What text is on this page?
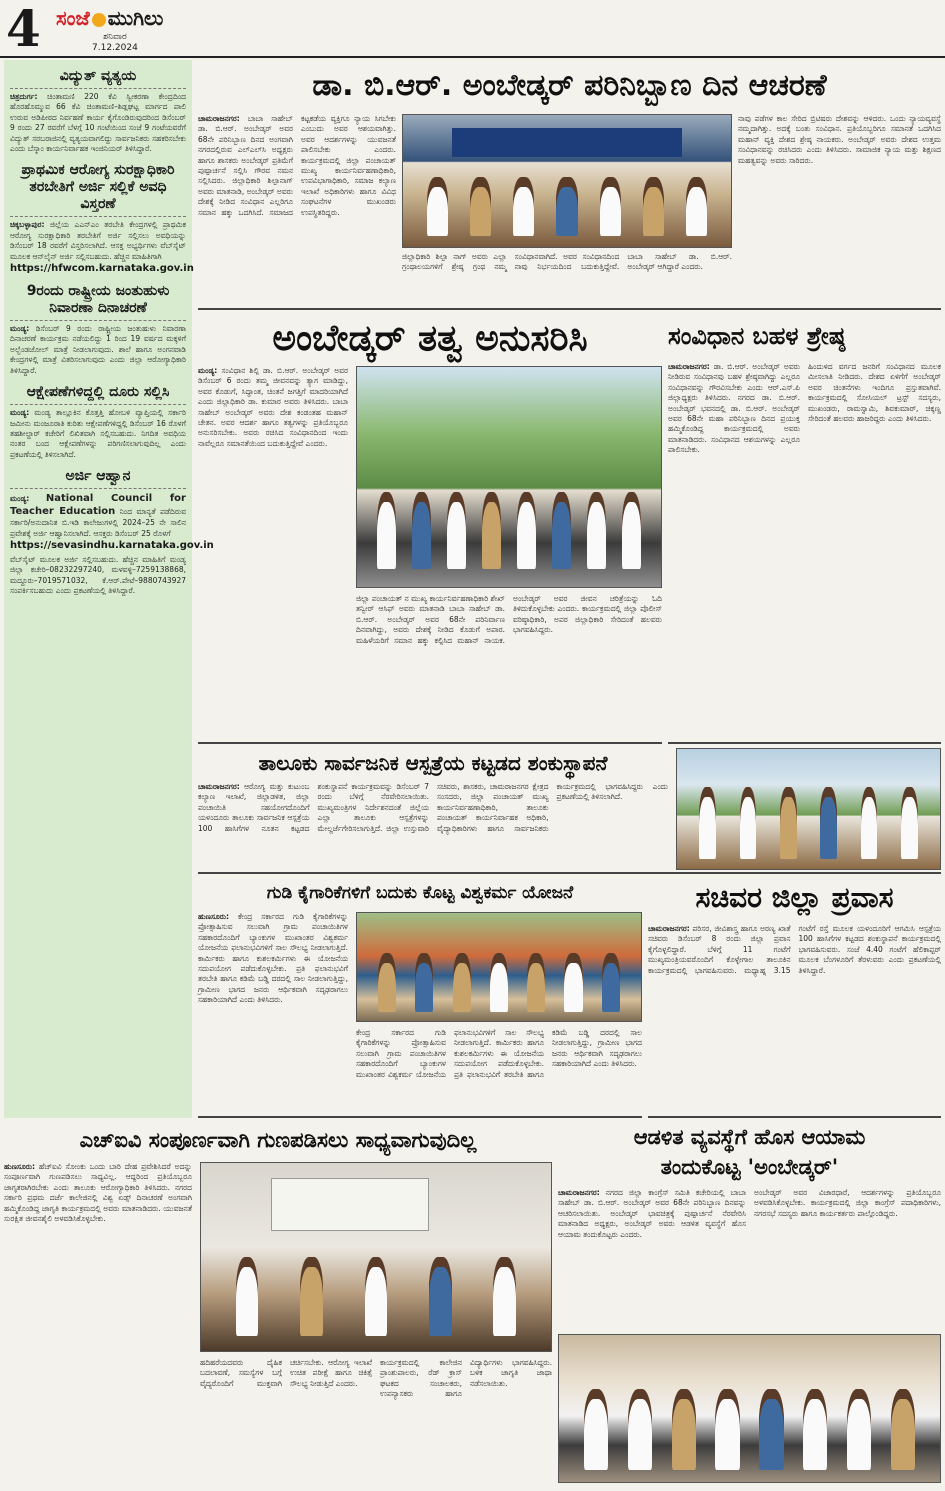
4 ಸಂಜೆ ಮುಗಿಲು
ಶನಿವಾರ
7.12.2024
ವಿದ್ಯುತ್ ವ್ಯತ್ಯಯ

ಚಿತ್ರದುರ್ಗ: ಚಿಂತಾಮಣಿ 220 ಕೆವಿ ಸ್ವೀಕರಣಾ ಕೇಂದ್ರದಿಂದ ಹೊರಹೊಮ್ಮುವ 66 ಕೆವಿ ಚಿಂತಾಮಣಿ–ಶಿಡ್ಲಘಟ್ಟ ಮಾರ್ಗದ ಪಾಲಿ ಉರುವ ಅಡಿಪೀಠದ ನಿರ್ವಹಣೆ ಕಾರ್ಯ ಕೈಗೊಂಡಿರುವುದರಿಂದ ಡಿಸೆಂಬರ್ 9 ರಂದು 27 ರವರೆಗೆ ಬೆಳಗ್ಗೆ 10 ಗಂಟೆಯಿಂದ ಸಂಜೆ 9 ಗಂಟೆಯವರೆಗೆ ವಿದ್ಯುತ್ ಸರಬರಾಜಿನಲ್ಲಿ ವ್ಯತ್ಯಯವಾಗಲಿದ್ದು ಸಾರ್ವಜನಿಕರು ಸಹಕರಿಸಬೇಕು ಎಂದು ಬೆಸ್ಕಾಂ ಕಾರ್ಯನಿರ್ವಾಹಕ ಇಂಜಿನಿಯರ್ ತಿಳಿಸಿದ್ದಾರೆ.

ಪ್ರಾಥಮಿಕ ಆರೋಗ್ಯ ಸುರಕ್ಷಾಧಿಕಾರಿ ತರಬೇತಿಗೆ ಅರ್ಜಿ ಸಲ್ಲಿಕೆ ಅವಧಿ ವಿಸ್ತರಣೆ

ಚಿಕ್ಕಬಳ್ಳಾಪುರ: ಜಿಲ್ಲೆಯ ಎಎನ್‌ಎಂ ತರಬೇತಿ ಕೇಂದ್ರಗಳಲ್ಲಿ ಪ್ರಾಥಮಿಕ ಆರೋಗ್ಯ ಸುರಕ್ಷಾಧಿಕಾರಿ ತರಬೇತಿಗೆ ಅರ್ಜಿ ಸಲ್ಲಿಸಲು ಅವಧಿಯನ್ನು ಡಿಸೆಂಬರ್ 18 ರವರೆಗೆ ವಿಸ್ತರಿಸಲಾಗಿದೆ. ಆಸಕ್ತ ಅಭ್ಯರ್ಥಿಗಳು ವೆಬ್‌ಸೈಟ್ ಮೂಲಕ ಆನ್‌ಲೈನ್ ಅರ್ಜಿ ಸಲ್ಲಿಸಬಹುದು. ಹೆಚ್ಚಿನ ಮಾಹಿತಿಗಾಗಿ

https://hfwcom.karnataka.gov.in
9ರಂದು ರಾಷ್ಟ್ರೀಯ ಜಂತುಹುಳು ನಿವಾರಣಾ ದಿನಾಚರಣೆ

ಮಂಡ್ಯ: ಡಿಸೆಂಬರ್ 9 ರಂದು ರಾಷ್ಟ್ರೀಯ ಜಂತುಹುಳು ನಿವಾರಣಾ ದಿನಾಚರಣೆ ಕಾರ್ಯಕ್ರಮ ನಡೆಯಲಿದ್ದು 1 ರಿಂದ 19 ವರ್ಷದ ಮಕ್ಕಳಿಗೆ ಅಲ್ಬೆಂಡಜೋಲ್ ಮಾತ್ರೆ ನೀಡಲಾಗುವುದು. ಶಾಲೆ ಹಾಗೂ ಅಂಗನವಾಡಿ ಕೇಂದ್ರಗಳಲ್ಲಿ ಮಾತ್ರೆ ವಿತರಿಸಲಾಗುವುದು ಎಂದು ಜಿಲ್ಲಾ ಆರೋಗ್ಯಾಧಿಕಾರಿ ತಿಳಿಸಿದ್ದಾರೆ.

ಆಕ್ಷೇಪಣೆಗಳಿದ್ದಲ್ಲಿ ದೂರು ಸಲ್ಲಿಸಿ

ಮಂಡ್ಯ: ಮಂಡ್ಯ ತಾಲ್ಲೂಕಿನ ಕೊತ್ತತ್ತಿ ಹೋಬಳಿ ವ್ಯಾಪ್ತಿಯಲ್ಲಿ ಸರ್ಕಾರಿ ಜಮೀನು ಮಂಜೂರಾತಿ ಕುರಿತು ಆಕ್ಷೇಪಣೆಗಳಿದ್ದಲ್ಲಿ ಡಿಸೆಂಬರ್ 16 ರೊಳಗೆ ತಹಶೀಲ್ದಾರ್ ಕಚೇರಿಗೆ ಲಿಖಿತವಾಗಿ ಸಲ್ಲಿಸಬಹುದು. ನಿಗದಿತ ಅವಧಿಯ ನಂತರ ಬಂದ ಆಕ್ಷೇಪಣೆಗಳನ್ನು ಪರಿಗಣಿಸಲಾಗುವುದಿಲ್ಲ ಎಂದು ಪ್ರಕಟಣೆಯಲ್ಲಿ ತಿಳಿಸಲಾಗಿದೆ.

ಅರ್ಜಿ ಆಹ್ವಾನ

ಮಂಡ್ಯ: National Council for Teacher Education ನಿಂದ ಮಾನ್ಯತೆ ಪಡೆದಿರುವ ಸರ್ಕಾರಿ/ಅನುದಾನಿತ ಬಿ.ಇಡಿ ಕಾಲೇಜುಗಳಲ್ಲಿ 2024–25 ನೇ ಸಾಲಿನ ಪ್ರವೇಶಕ್ಕೆ ಅರ್ಜಿ ಆಹ್ವಾನಿಸಲಾಗಿದೆ. ಆಸಕ್ತರು ಡಿಸೆಂಬರ್ 25 ರೊಳಗೆ

https://sevasindhu.karnataka.gov.in

ವೆಬ್‌ಸೈಟ್ ಮೂಲಕ ಅರ್ಜಿ ಸಲ್ಲಿಸಬಹುದು. ಹೆಚ್ಚಿನ ಮಾಹಿತಿಗೆ ಮಂಡ್ಯ ಜಿಲ್ಲಾ ಕಚೇರಿ–08232297240, ಮಳವಳ್ಳಿ–7259138868, ಮದ್ದೂರು–7019571032, ಕೆ.ಆರ್.ಪೇಟೆ–9880743927 ಸಂಪರ್ಕಿಸಬಹುದು ಎಂದು ಪ್ರಕಟಣೆಯಲ್ಲಿ ತಿಳಿಸಿದ್ದಾರೆ.

ಡಾ. ಬಿ.ಆರ್. ಅಂಬೇಡ್ಕರ್ ಪರಿನಿಬ್ಬಾಣ ದಿನ ಆಚರಣೆ
ಚಾಮರಾಜನಗರ: ಬಾಬಾ ಸಾಹೇಬ್ ಡಾ. ಬಿ.ಆರ್. ಅಂಬೇಡ್ಕರ್ ಅವರ 68ನೇ ಪರಿನಿಬ್ಬಾಣ ದಿನದ ಅಂಗವಾಗಿ ನಗರದಲ್ಲಿರುವ ಎಲ್‌ಎಲ್‌ಸಿ ಅಧ್ಯಕ್ಷರು ಹಾಗೂ ಶಾಸಕರು ಅಂಬೇಡ್ಕರ್ ಪ್ರತಿಮೆಗೆ ಪುಷ್ಪಾರ್ಚನೆ ಸಲ್ಲಿಸಿ ಗೌರವ ನಮನ ಸಲ್ಲಿಸಿದರು. ಜಿಲ್ಲಾಧಿಕಾರಿ ಶಿಲ್ಪಾನಾಗ್ ಅವರು ಮಾತನಾಡಿ, ಅಂಬೇಡ್ಕರ್ ಅವರು ದೇಶಕ್ಕೆ ನೀಡಿದ ಸಂವಿಧಾನ ಎಲ್ಲರಿಗೂ ಸಮಾನ ಹಕ್ಕು ಒದಗಿಸಿದೆ. ಸಮಾಜದ ಕಟ್ಟಕಡೆಯ ವ್ಯಕ್ತಿಗೂ ನ್ಯಾಯ ಸಿಗಬೇಕು ಎಂಬುದು ಅವರ ಆಶಯವಾಗಿತ್ತು. ಅವರ ಆದರ್ಶಗಳನ್ನು ಯುವಜನತೆ ಪಾಲಿಸಬೇಕು ಎಂದರು. ಕಾರ್ಯಕ್ರಮದಲ್ಲಿ ಜಿಲ್ಲಾ ಪಂಚಾಯತ್ ಮುಖ್ಯ ಕಾರ್ಯನಿರ್ವಹಣಾಧಿಕಾರಿ, ಉಪವಿಭಾಗಾಧಿಕಾರಿ, ಸಮಾಜ ಕಲ್ಯಾಣ ಇಲಾಖೆ ಅಧಿಕಾರಿಗಳು ಹಾಗೂ ವಿವಿಧ ಸಂಘಟನೆಗಳ ಮುಖಂಡರು ಉಪಸ್ಥಿತರಿದ್ದರು.
ಜಿಲ್ಲಾಧಿಕಾರಿ ಶಿಲ್ಪಾ ನಾಗ್ ಅವರು ಎಲ್ಲಾ ಗ್ರಂಥಾಲಯಗಳಿಗೆ ಶ್ರೇಷ್ಠ ಗ್ರಂಥ ನಮ್ಮ ಸಂವಿಧಾನವಾಗಿದೆ. ಅವರ ಸಂವಿಧಾನದಿಂದ ನಾವು ನಿರ್ಭಯದಿಂದ ಬದುಕುತ್ತಿದ್ದೇವೆ. ಬಾಬಾ ಸಾಹೇಬ್ ಡಾ. ಬಿ.ಆರ್. ಅಂಬೇಡ್ಕರ್ ಆಗಿದ್ದಾರೆ ಎಂದರು.
ನಾವು ಪಡೆಗಳ ಕಾಲ ಸೇರಿದ ಬ್ರಿಟಿಷರು ದೇಶವನ್ನು ಆಳಿದರು. ಒಂದು ನ್ಯಾಯವ್ಯವಸ್ಥೆ ನಮ್ಮದಾಗಿತ್ತು. ಅದಕ್ಕೆ ಬಂತು ಸಂವಿಧಾನ. ಪ್ರತಿಯೊಬ್ಬರಿಗೂ ಸಮಾನತೆ ಒದಗಿಸಿದ ಮಹಾನ್ ವ್ಯಕ್ತಿ ದೇಶದ ಶ್ರೇಷ್ಠ ನಾಯಕರು. ಅಂಬೇಡ್ಕರ್ ಅವರು ದೇಶದ ಉತ್ತಮ ಸಂವಿಧಾನವನ್ನು ರಚಿಸಿದರು ಎಂದು ತಿಳಿಸಿದರು. ಸಾಮಾಜಿಕ ನ್ಯಾಯ ಮತ್ತು ಶಿಕ್ಷಣದ ಮಹತ್ವವನ್ನು ಅವರು ಸಾರಿದರು.
ಅಂಬೇಡ್ಕರ್ ತತ್ವ ಅನುಸರಿಸಿ
ಮಂಡ್ಯ: ಸಂವಿಧಾನ ಶಿಲ್ಪಿ ಡಾ. ಬಿ.ಆರ್. ಅಂಬೇಡ್ಕರ್ ಅವರ ಡಿಸೆಂಬರ್ 6 ರಂದು ತಮ್ಮ ಜೀವನವನ್ನು ತ್ಯಾಗ ಮಾಡಿದ್ದು, ಅವರ ಕೊಡುಗೆ, ಸಿದ್ಧಾಂತ, ಚಿಂತನೆ ಜಗತ್ತಿಗೆ ಮಾದರಿಯಾಗಿದೆ ಎಂದು ಜಿಲ್ಲಾಧಿಕಾರಿ ಡಾ. ಕುಮಾರ ಅವರು ತಿಳಿಸಿದರು. ಬಾಬಾ ಸಾಹೇಬ್ ಅಂಬೇಡ್ಕರ್ ಅವರು ದೇಶ ಕಂಡಂತಹ ಮಹಾನ್ ಚೇತನ. ಅವರ ಆದರ್ಶ ಹಾಗೂ ತತ್ವಗಳನ್ನು ಪ್ರತಿಯೊಬ್ಬರೂ ಅನುಸರಿಸಬೇಕು. ಅವರು ರಚಿಸಿದ ಸಂವಿಧಾನದಿಂದ ಇಂದು ನಾವೆಲ್ಲರೂ ಸಮಾನತೆಯಿಂದ ಬದುಕುತ್ತಿದ್ದೇವೆ ಎಂದರು.
ಜಿಲ್ಲಾ ಪಂಚಾಯತ್ ನ ಮುಖ್ಯ ಕಾರ್ಯನಿರ್ವಹಣಾಧಿಕಾರಿ ಶೇಖ್ ತನ್ವೀರ್ ಆಸಿಫ್ ಅವರು ಮಾತನಾಡಿ ಬಾಬಾ ಸಾಹೇಬ್ ಡಾ. ಬಿ.ಆರ್. ಅಂಬೇಡ್ಕರ್ ಅವರ 68ನೇ ಪರಿನಿರ್ವಾಣ ದಿನವಾಗಿದ್ದು, ಅವರು ದೇಶಕ್ಕೆ ನೀಡಿದ ಕೊಡುಗೆ ಅಪಾರ. ಮಹಿಳೆಯರಿಗೆ ಸಮಾನ ಹಕ್ಕು ಕಲ್ಪಿಸಿದ ಮಹಾನ್ ನಾಯಕ. ಅಂಬೇಡ್ಕರ್ ಅವರ ಜೀವನ ಚರಿತ್ರೆಯನ್ನು ಓದಿ ತಿಳಿದುಕೊಳ್ಳಬೇಕು ಎಂದರು. ಕಾರ್ಯಕ್ರಮದಲ್ಲಿ ಜಿಲ್ಲಾ ಪೊಲೀಸ್ ವರಿಷ್ಠಾಧಿಕಾರಿ, ಅಪರ ಜಿಲ್ಲಾಧಿಕಾರಿ ಸೇರಿದಂತೆ ಹಲವರು ಭಾಗವಹಿಸಿದ್ದರು.
ಸಂವಿಧಾನ ಬಹಳ ಶ್ರೇಷ್ಠ
ಚಾಮರಾಜನಗರ: ಡಾ. ಬಿ.ಆರ್. ಅಂಬೇಡ್ಕರ್ ಅವರು ನೀಡಿರುವ ಸಂವಿಧಾನವು ಬಹಳ ಶ್ರೇಷ್ಠವಾಗಿದ್ದು ಎಲ್ಲರೂ ಸಂವಿಧಾನವನ್ನು ಗೌರವಿಸಬೇಕು ಎಂದು ಆರ್.ಎಸ್.ಪಿ ಜಿಲ್ಲಾಧ್ಯಕ್ಷರು ತಿಳಿಸಿದರು. ನಗರದ ಡಾ. ಬಿ.ಆರ್. ಅಂಬೇಡ್ಕರ್ ಭವನದಲ್ಲಿ ಡಾ. ಬಿ.ಆರ್. ಅಂಬೇಡ್ಕರ್ ಅವರ 68ನೇ ಮಹಾ ಪರಿನಿಬ್ಬಾಣ ದಿನದ ಪ್ರಯುಕ್ತ ಹಮ್ಮಿಕೊಂಡಿದ್ದ ಕಾರ್ಯಕ್ರಮದಲ್ಲಿ ಅವರು ಮಾತನಾಡಿದರು. ಸಂವಿಧಾನದ ಆಶಯಗಳನ್ನು ಎಲ್ಲರೂ ಪಾಲಿಸಬೇಕು.
ಹಿಂದುಳಿದ ವರ್ಗದ ಜನರಿಗೆ ಸಂವಿಧಾನದ ಮೂಲಕ ಮೀಸಲಾತಿ ನೀಡಿದರು. ದೇಶದ ಏಳಿಗೆಗೆ ಅಂಬೇಡ್ಕರ್ ಅವರ ಚಿಂತನೆಗಳು ಇಂದಿಗೂ ಪ್ರಸ್ತುತವಾಗಿವೆ. ಕಾರ್ಯಕ್ರಮದಲ್ಲಿ ಸೋಸಿಯಲ್ ಟ್ರಸ್ಟ್ ಸದಸ್ಯರು, ಮುಖಂಡರು, ರಾಮಸ್ವಾಮಿ, ಶಿವಕುಮಾರ್, ಚಿಕ್ಕಣ್ಣ ಸೇರಿದಂತೆ ಹಲವರು ಹಾಜರಿದ್ದರು ಎಂದು ತಿಳಿಸಿದರು.
ತಾಲೂಕು ಸಾರ್ವಜನಿಕ ಆಸ್ಪತ್ರೆಯ ಕಟ್ಟಡದ ಶಂಕುಸ್ಥಾಪನೆ
ಚಾಮರಾಜನಗರ: ಆರೋಗ್ಯ ಮತ್ತು ಕುಟುಂಬ ಕಲ್ಯಾಣ ಇಲಾಖೆ, ಜಿಲ್ಲಾಡಳಿತ, ಜಿಲ್ಲಾ ಪಂಚಾಯಿತಿ ಸಹಯೋಗದೊಂದಿಗೆ ಯಳಂದೂರು ತಾಲೂಕು ಸಾರ್ವಜನಿಕ ಆಸ್ಪತ್ರೆಯ 100 ಹಾಸಿಗೆಗಳ ನೂತನ ಕಟ್ಟಡದ ಶಂಕುಸ್ಥಾಪನೆ ಕಾರ್ಯಕ್ರಮವನ್ನು ಡಿಸೆಂಬರ್ 7 ರಂದು ಬೆಳಿಗ್ಗೆ ನೆರವೇರಿಸಲಾಯಿತು. ಮುಖ್ಯಮಂತ್ರಿಗಳ ನಿರ್ದೇಶನದಂತೆ ಜಿಲ್ಲೆಯ ಎಲ್ಲಾ ತಾಲೂಕು ಆಸ್ಪತ್ರೆಗಳನ್ನು ಮೇಲ್ದರ್ಜೆಗೇರಿಸಲಾಗುತ್ತಿದೆ. ಜಿಲ್ಲಾ ಉಸ್ತುವಾರಿ ಸಚಿವರು, ಶಾಸಕರು, ಚಾಮರಾಜನಗರ ಕ್ಷೇತ್ರದ ಸಂಸದರು, ಜಿಲ್ಲಾ ಪಂಚಾಯತ್ ಮುಖ್ಯ ಕಾರ್ಯನಿರ್ವಹಣಾಧಿಕಾರಿ, ತಾಲೂಕು ಪಂಚಾಯತ್ ಕಾರ್ಯನಿರ್ವಾಹಕ ಅಧಿಕಾರಿ, ವೈದ್ಯಾಧಿಕಾರಿಗಳು ಹಾಗೂ ಸಾರ್ವಜನಿಕರು ಕಾರ್ಯಕ್ರಮದಲ್ಲಿ ಭಾಗವಹಿಸಿದ್ದರು ಎಂದು ಪ್ರಕಟಣೆಯಲ್ಲಿ ತಿಳಿಸಲಾಗಿದೆ.
ಗುಡಿ ಕೈಗಾರಿಕೆಗಳಿಗೆ ಬದುಕು ಕೊಟ್ಟ ವಿಶ್ವಕರ್ಮ ಯೋಜನೆ
ಹುಣಸೂರು: ಕೇಂದ್ರ ಸರ್ಕಾರದ ಗುಡಿ ಕೈಗಾರಿಕೆಗಳನ್ನು ಪ್ರೋತ್ಸಾಹಿಸುವ ಸಲುವಾಗಿ ಗ್ರಾಮ ಪಂಚಾಯಿತಿಗಳ ಸಹಕಾರದೊಂದಿಗೆ ಬ್ಯಾಂಕುಗಳ ಮುಖಾಂತರ ವಿಶ್ವಕರ್ಮ ಯೋಜನೆಯ ಫಲಾನುಭವಿಗಳಿಗೆ ಸಾಲ ಸೌಲಭ್ಯ ನೀಡಲಾಗುತ್ತಿದೆ. ಕಾರ್ಮಿಕರು ಹಾಗೂ ಕುಶಲಕರ್ಮಿಗಳು ಈ ಯೋಜನೆಯ ಸದುಪಯೋಗ ಪಡೆದುಕೊಳ್ಳಬೇಕು. ಪ್ರತಿ ಫಲಾನುಭವಿಗೆ ತರಬೇತಿ ಹಾಗೂ ಕಡಿಮೆ ಬಡ್ಡಿ ದರದಲ್ಲಿ ಸಾಲ ನೀಡಲಾಗುತ್ತಿದ್ದು, ಗ್ರಾಮೀಣ ಭಾಗದ ಜನರು ಆರ್ಥಿಕವಾಗಿ ಸದೃಢರಾಗಲು ಸಹಕಾರಿಯಾಗಿದೆ ಎಂದು ತಿಳಿಸಿದರು.
ಕೇಂದ್ರ ಸರ್ಕಾರದ ಗುಡಿ ಕೈಗಾರಿಕೆಗಳನ್ನು ಪ್ರೋತ್ಸಾಹಿಸುವ ಸಲುವಾಗಿ ಗ್ರಾಮ ಪಂಚಾಯಿತಿಗಳ ಸಹಕಾರದೊಂದಿಗೆ ಬ್ಯಾಂಕುಗಳ ಮುಖಾಂತರ ವಿಶ್ವಕರ್ಮ ಯೋಜನೆಯ ಫಲಾನುಭವಿಗಳಿಗೆ ಸಾಲ ಸೌಲಭ್ಯ ನೀಡಲಾಗುತ್ತಿದೆ. ಕಾರ್ಮಿಕರು ಹಾಗೂ ಕುಶಲಕರ್ಮಿಗಳು ಈ ಯೋಜನೆಯ ಸದುಪಯೋಗ ಪಡೆದುಕೊಳ್ಳಬೇಕು. ಪ್ರತಿ ಫಲಾನುಭವಿಗೆ ತರಬೇತಿ ಹಾಗೂ ಕಡಿಮೆ ಬಡ್ಡಿ ದರದಲ್ಲಿ ಸಾಲ ನೀಡಲಾಗುತ್ತಿದ್ದು, ಗ್ರಾಮೀಣ ಭಾಗದ ಜನರು ಆರ್ಥಿಕವಾಗಿ ಸದೃಢರಾಗಲು ಸಹಕಾರಿಯಾಗಿದೆ ಎಂದು ತಿಳಿಸಿದರು.
ಸಚಿವರ ಜಿಲ್ಲಾ ಪ್ರವಾಸ
ಚಾಮರಾಜನಗರ: ಪರಿಸರ, ಜೀವಿಶಾಸ್ತ್ರ ಹಾಗೂ ಅರಣ್ಯ ಖಾತೆ ಸಚಿವರು ಡಿಸೆಂಬರ್ 8 ರಂದು ಜಿಲ್ಲಾ ಪ್ರವಾಸ ಕೈಗೊಳ್ಳಲಿದ್ದಾರೆ. ಬೆಳಿಗ್ಗೆ 11 ಗಂಟೆಗೆ ಮುಖ್ಯಮಂತ್ರಿಯವರೊಂದಿಗೆ ಕೊಳ್ಳೇಗಾಲ ತಾಲೂಕಿನ ಕಾರ್ಯಕ್ರಮದಲ್ಲಿ ಭಾಗವಹಿಸುವರು. ಮಧ್ಯಾಹ್ನ 3.15 ಗಂಟೆಗೆ ರಸ್ತೆ ಮೂಲಕ ಯಳಂದೂರಿಗೆ ಆಗಮಿಸಿ ಆಸ್ಪತ್ರೆಯ 100 ಹಾಸಿಗೆಗಳ ಕಟ್ಟಡದ ಶಂಕುಸ್ಥಾಪನೆ ಕಾರ್ಯಕ್ರಮದಲ್ಲಿ ಭಾಗವಹಿಸುವರು. ಸಂಜೆ 4.40 ಗಂಟೆಗೆ ಹೆಲಿಕಾಪ್ಟರ್ ಮೂಲಕ ಬೆಂಗಳೂರಿಗೆ ತೆರಳುವರು ಎಂದು ಪ್ರಕಟಣೆಯಲ್ಲಿ ತಿಳಿಸಿದ್ದಾರೆ.
ಎಚ್‌ಐವಿ ಸಂಪೂರ್ಣವಾಗಿ ಗುಣಪಡಿಸಲು ಸಾಧ್ಯವಾಗುವುದಿಲ್ಲ
ಹುಣಸೂರು: ಹೆಚ್‌ಐವಿ ಸೋಂಕು ಒಂದು ಬಾರಿ ದೇಹ ಪ್ರವೇಶಿಸಿದರೆ ಅದನ್ನು ಸಂಪೂರ್ಣವಾಗಿ ಗುಣಪಡಿಸಲು ಸಾಧ್ಯವಿಲ್ಲ. ಆದ್ದರಿಂದ ಪ್ರತಿಯೊಬ್ಬರೂ ಜಾಗೃತರಾಗಿರಬೇಕು ಎಂದು ತಾಲೂಕು ಆರೋಗ್ಯಾಧಿಕಾರಿ ತಿಳಿಸಿದರು. ನಗರದ ಸರ್ಕಾರಿ ಪ್ರಥಮ ದರ್ಜೆ ಕಾಲೇಜಿನಲ್ಲಿ ವಿಶ್ವ ಏಡ್ಸ್ ದಿನಾಚರಣೆ ಅಂಗವಾಗಿ ಹಮ್ಮಿಕೊಂಡಿದ್ದ ಜಾಗೃತಿ ಕಾರ್ಯಕ್ರಮದಲ್ಲಿ ಅವರು ಮಾತನಾಡಿದರು. ಯುವಜನತೆ ಸುರಕ್ಷಿತ ಜೀವನಶೈಲಿ ಅಳವಡಿಸಿಕೊಳ್ಳಬೇಕು.
ಹದಿಹರೆಯದವರು ದೈಹಿಕ ಬದಲಾವಣೆ, ಸಮಸ್ಯೆಗಳ ಬಗ್ಗೆ ವೈದ್ಯರೊಂದಿಗೆ ಮುಕ್ತವಾಗಿ ಚರ್ಚಿಸಬೇಕು. ಆರೋಗ್ಯ ಇಲಾಖೆ ಉಚಿತ ಪರೀಕ್ಷೆ ಹಾಗೂ ಚಿಕಿತ್ಸೆ ಸೌಲಭ್ಯ ನೀಡುತ್ತಿದೆ ಎಂದರು.
ಕಾರ್ಯಕ್ರಮದಲ್ಲಿ ಕಾಲೇಜಿನ ಪ್ರಾಂಶುಪಾಲರು, ರೆಡ್ ಕ್ರಾಸ್ ಘಟಕದ ಸಂಚಾಲಕರು, ಉಪನ್ಯಾಸಕರು ಹಾಗೂ ವಿದ್ಯಾರ್ಥಿಗಳು ಭಾಗವಹಿಸಿದ್ದರು. ಬಳಿಕ ಜಾಗೃತಿ ಜಾಥಾ ನಡೆಸಲಾಯಿತು.
ಆಡಳಿತ ವ್ಯವಸ್ಥೆಗೆ ಹೊಸ ಆಯಾಮ
ತಂದುಕೊಟ್ಟ 'ಅಂಬೇಡ್ಕರ್'
ಚಾಮರಾಜನಗರ: ನಗರದ ಜಿಲ್ಲಾ ಕಾಂಗ್ರೆಸ್ ಸಮಿತಿ ಕಚೇರಿಯಲ್ಲಿ ಬಾಬಾ ಸಾಹೇಬ್ ಡಾ. ಬಿ.ಆರ್. ಅಂಬೇಡ್ಕರ್ ಅವರ 68ನೇ ಪರಿನಿಬ್ಬಾಣ ದಿನವನ್ನು ಆಚರಿಸಲಾಯಿತು. ಅಂಬೇಡ್ಕರ್ ಭಾವಚಿತ್ರಕ್ಕೆ ಪುಷ್ಪಾರ್ಚನೆ ನೆರವೇರಿಸಿ ಮಾತನಾಡಿದ ಅಧ್ಯಕ್ಷರು, ಅಂಬೇಡ್ಕರ್ ಅವರು ಆಡಳಿತ ವ್ಯವಸ್ಥೆಗೆ ಹೊಸ ಆಯಾಮ ತಂದುಕೊಟ್ಟರು ಎಂದರು.
ಅಂಬೇಡ್ಕರ್ ಅವರ ವಿಚಾರಧಾರೆ, ಆದರ್ಶಗಳನ್ನು ಪ್ರತಿಯೊಬ್ಬರೂ ಅಳವಡಿಸಿಕೊಳ್ಳಬೇಕು. ಕಾರ್ಯಕ್ರಮದಲ್ಲಿ ಜಿಲ್ಲಾ ಕಾಂಗ್ರೆಸ್ ಪದಾಧಿಕಾರಿಗಳು, ನಗರಸಭೆ ಸದಸ್ಯರು ಹಾಗೂ ಕಾರ್ಯಕರ್ತರು ಪಾಲ್ಗೊಂಡಿದ್ದರು.
